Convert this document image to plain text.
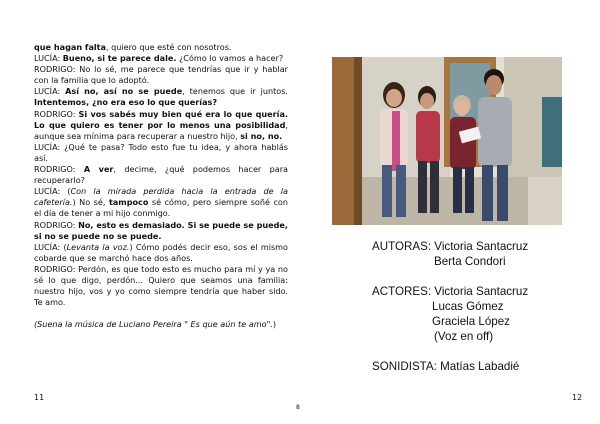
que hagan falta, quiero que esté con nosotros.

LUCÍA: Bueno, si te parece dale. ¿Cómo lo vamos a hacer?

RODRIGO: No lo sé, me parece que tendrías que ir y hablar con la familia que lo adoptó.

LUCÍA: Así no, así no se puede, tenemos que ir juntos. Intentemos, ¿no era eso lo que querías?

RODRIGO: Si vos sabés muy bien qué era lo que quería. Lo que quiero es tener por lo menos una posibilidad, aunque sea mínima para recuperar a nuestro hijo, si no, no.

LUCÍA: ¿Qué te pasa? Todo esto fue tu idea, y ahora hablás así.

RODRIGO: A ver, decime, ¿qué podemos hacer para recuperarlo?

LUCÍA: (Con la mirada perdida hacia la entrada de la cafetería.) No sé, tampoco sé cómo, pero siempre soñé con el día de tener a mi hijo conmigo.

RODRIGO: No, esto es demasiado. Si se puede se puede, si no se puede no se puede.

LUCÍA: (Levanta la voz.) Cómo podés decir eso, sos el mismo cobarde que se marchó hace dos años.

RODRIGO: Perdón, es que todo esto es mucho para mí y ya no sé lo que digo, perdón... Quiero que seamos una familia: nuestro hijo, vos y yo como siempre tendría que haber sido. Te amo.

(Suena la música de Luciano Pereira " Es que aún te amo".)

11
AUTORAS: Victoria Santacruz
Berta Condori
ACTORES: Victoria Santacruz
Lucas Gómez
Graciela López
(Voz en off)
SONIDISTA: Matías Labadié
12
8
